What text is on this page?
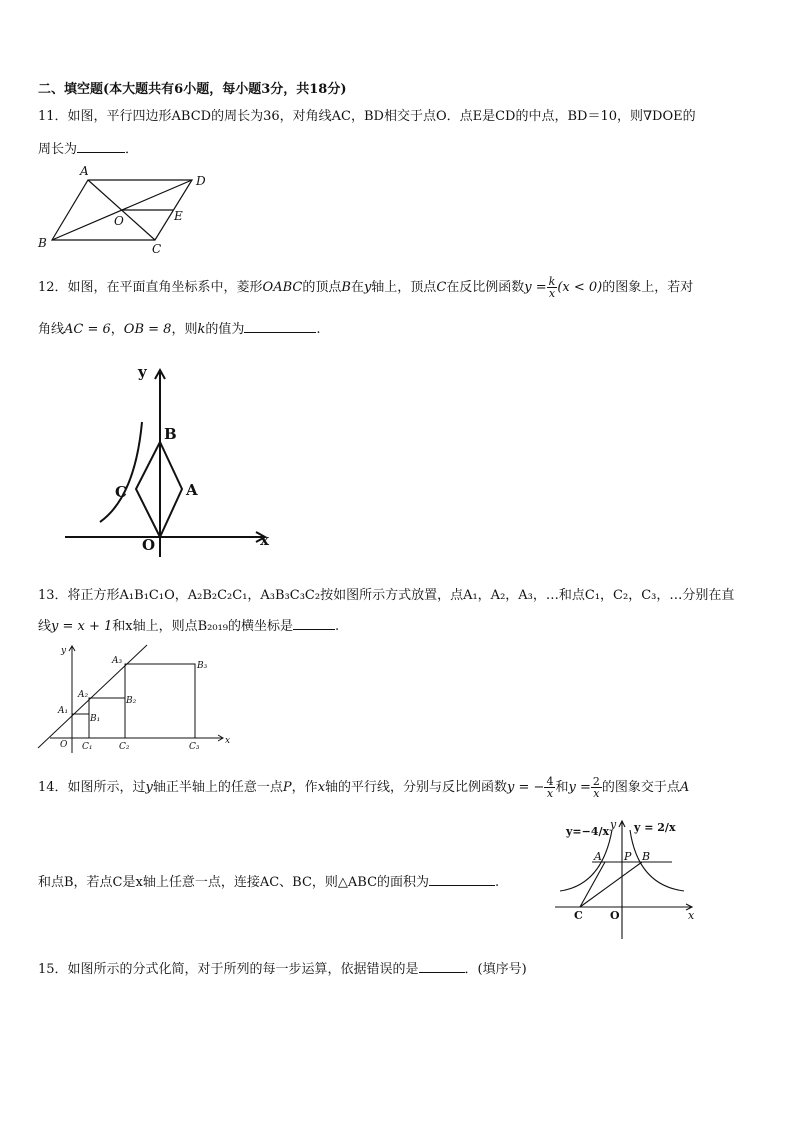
二、填空题(本大题共有6小题，每小题3分，共18分)
11．如图，平行四边形ABCD的周长为36，对角线AC，BD相交于点O．点E是CD的中点，BD＝10，则∇DOE的
周长为	．
A
D
O	E
B	C
12．如图，在平面直角坐标系中，菱形OABC的顶点B在y轴上，顶点C在反比例函数$y = \frac{k}{x} (x < 0)$的图象上，若对
角线AC = 6，OB = 8，则k的值为	.
y
B
C	A
O	x
13．将正方形A₁B₁C₁O，A₂B₂C₂C₁，A₃B₃C₃C₂按如图所示方式放置，点A₁，A₂，A₃，…和点C₁，C₂，C₃，…分别在直
线y = x + 1和x轴上，则点B₂₀₁₉的横坐标是	.
y
x
O
A₁
A₂
A₃
B₁
B₂
B₃
C₁	C₂	C₃
14．如图所示，过y轴正半轴上的任意一点P，作x轴的平行线，分别与反比例函数y = − $\frac{4}{x}$ 和$y = \frac{2}{x}$ 的图象交于点A
和点B，若点C是x轴上任意一点，连接AC、BC，则△ABC的面积为	.
y=−4/x y = 2/x
y
A P B
C O	x
15．如图所示的分式化简，对于所列的每一步运算，依据错误的是	．(填序号)
